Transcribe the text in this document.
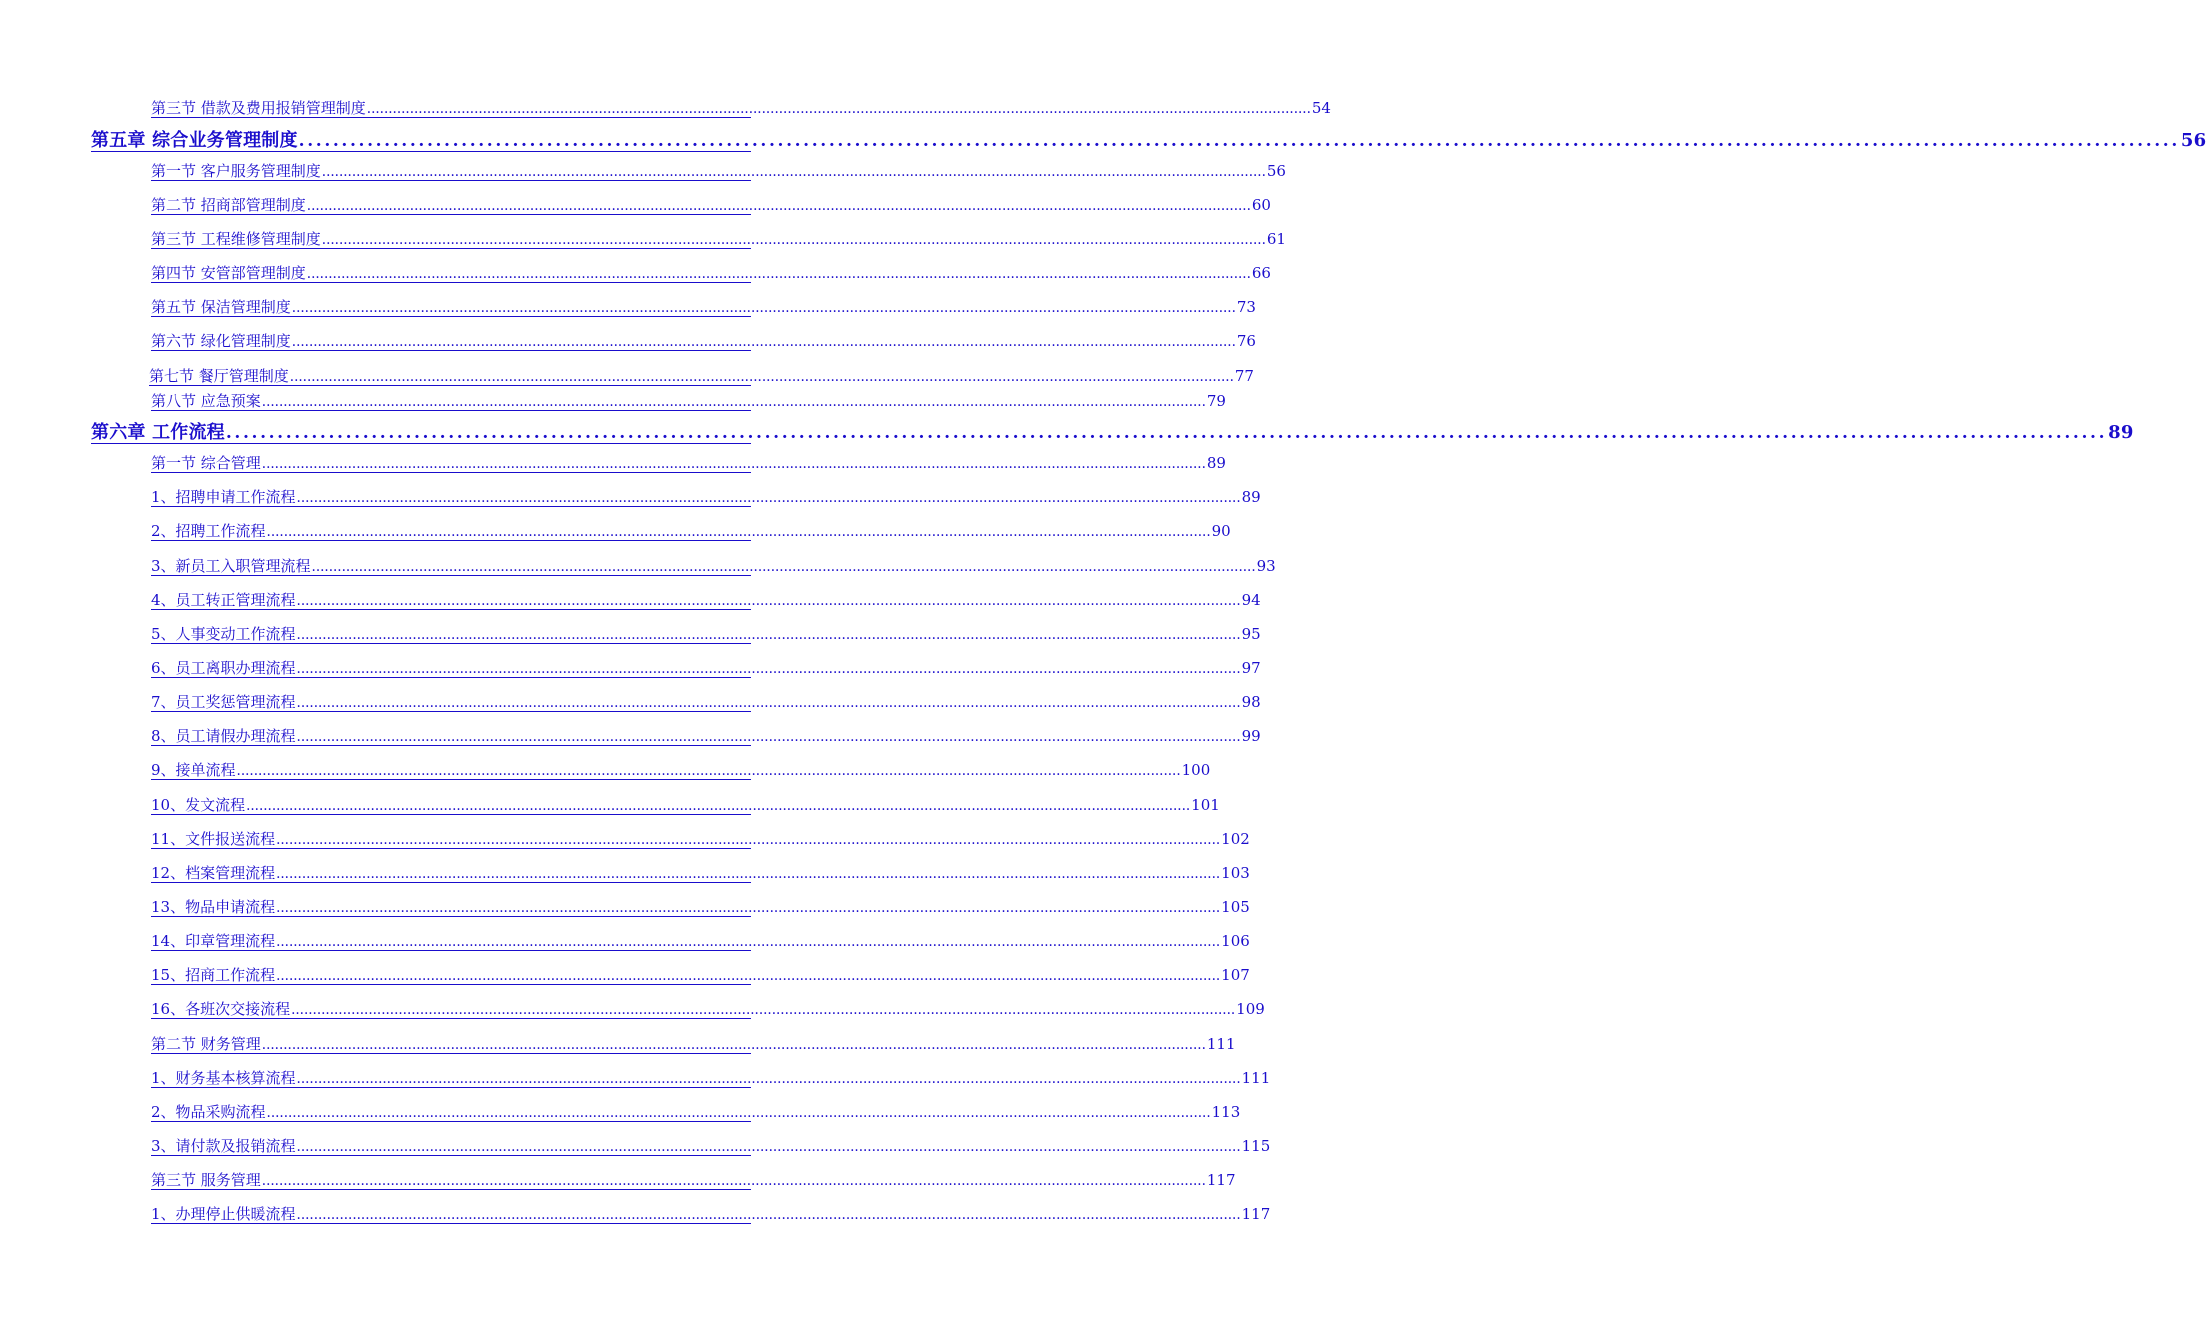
第三节 借款及费用报销管理制度 ............................................................................................................................................................................................................................ 54
第五章 综合业务管理制度 ............................................................................................................................................................................................................................ 56
第一节 客户服务管理制度 ............................................................................................................................................................................................................................ 56
第二节 招商部管理制度 ............................................................................................................................................................................................................................ 60
第三节 工程维修管理制度 ............................................................................................................................................................................................................................ 61
第四节 安管部管理制度 ............................................................................................................................................................................................................................ 66
第五节 保洁管理制度 ............................................................................................................................................................................................................................ 73
第六节 绿化管理制度 ............................................................................................................................................................................................................................ 76
第七节 餐厅管理制度 ............................................................................................................................................................................................................................ 77
第八节 应急预案 ............................................................................................................................................................................................................................ 79
第六章 工作流程 ............................................................................................................................................................................................................................ 89
第一节 综合管理 ............................................................................................................................................................................................................................ 89
1、招聘申请工作流程 ............................................................................................................................................................................................................................ 89
2、招聘工作流程 ............................................................................................................................................................................................................................ 90
3、新员工入职管理流程 ............................................................................................................................................................................................................................ 93
4、员工转正管理流程 ............................................................................................................................................................................................................................ 94
5、人事变动工作流程 ............................................................................................................................................................................................................................ 95
6、员工离职办理流程 ............................................................................................................................................................................................................................ 97
7、员工奖惩管理流程 ............................................................................................................................................................................................................................ 98
8、员工请假办理流程 ............................................................................................................................................................................................................................ 99
9、接单流程 ............................................................................................................................................................................................................................ 100
10、发文流程 ............................................................................................................................................................................................................................ 101
11、文件报送流程 ............................................................................................................................................................................................................................ 102
12、档案管理流程 ............................................................................................................................................................................................................................ 103
13、物品申请流程 ............................................................................................................................................................................................................................ 105
14、印章管理流程 ............................................................................................................................................................................................................................ 106
15、招商工作流程 ............................................................................................................................................................................................................................ 107
16、各班次交接流程 ............................................................................................................................................................................................................................ 109
第二节 财务管理 ............................................................................................................................................................................................................................ 111
1、财务基本核算流程 ............................................................................................................................................................................................................................ 111
2、物品采购流程 ............................................................................................................................................................................................................................ 113
3、请付款及报销流程 ............................................................................................................................................................................................................................ 115
第三节 服务管理 ............................................................................................................................................................................................................................ 117
1、办理停止供暖流程 ............................................................................................................................................................................................................................ 117
